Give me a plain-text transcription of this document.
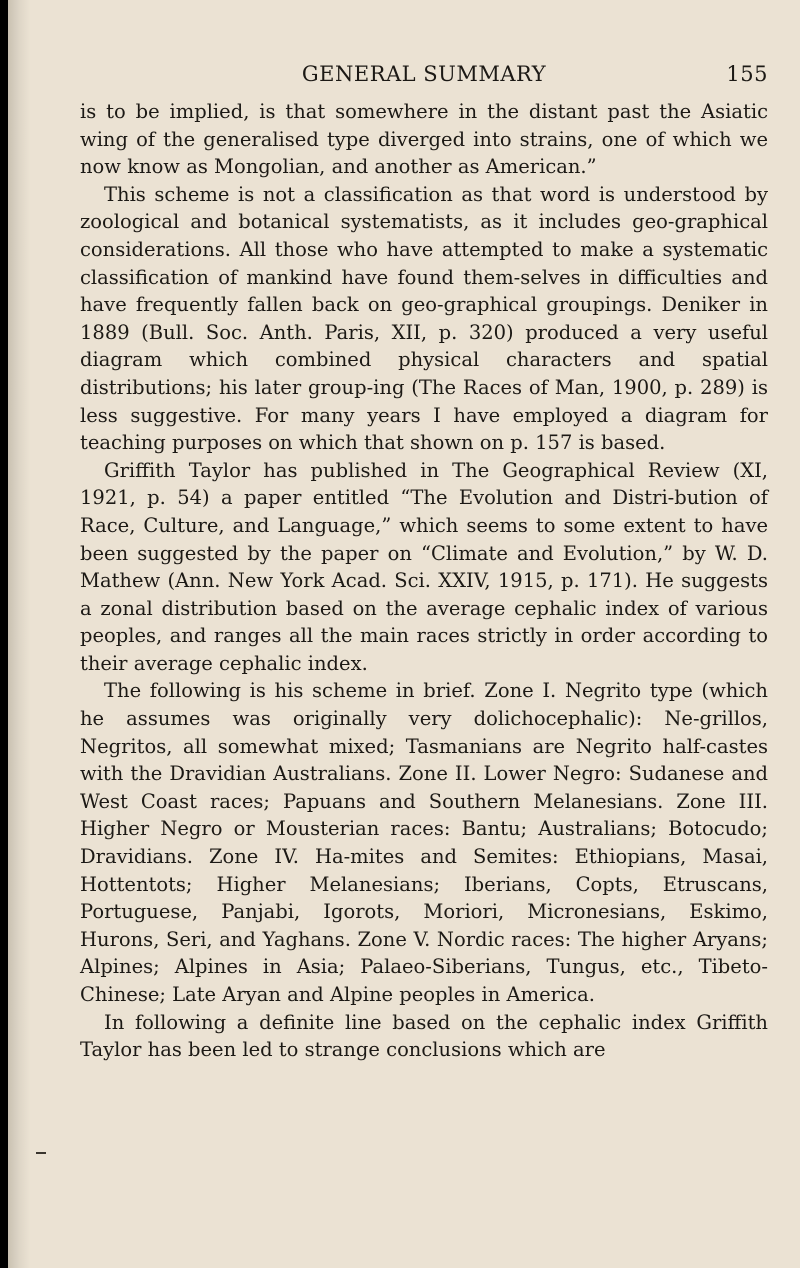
GENERAL SUMMARY	155

is to be implied, is that somewhere in the distant past the Asiatic wing of the generalised type diverged into strains, one of which we now know as Mongolian, and another as American.”

This scheme is not a classification as that word is understood by zoological and botanical systematists, as it includes geo-graphical considerations. All those who have attempted to make a systematic classification of mankind have found them-selves in difficulties and have frequently fallen back on geo-graphical groupings. Deniker in 1889 (Bull. Soc. Anth. Paris, XII, p. 320) produced a very useful diagram which combined physical characters and spatial distributions; his later group-ing (The Races of Man, 1900, p. 289) is less suggestive. For many years I have employed a diagram for teaching purposes on which that shown on p. 157 is based.

Griffith Taylor has published in The Geographical Review (XI, 1921, p. 54) a paper entitled “The Evolution and Distri-bution of Race, Culture, and Language,” which seems to some extent to have been suggested by the paper on “Climate and Evolution,” by W. D. Mathew (Ann. New York Acad. Sci. XXIV, 1915, p. 171). He suggests a zonal distribution based on the average cephalic index of various peoples, and ranges all the main races strictly in order according to their average cephalic index.

The following is his scheme in brief. Zone I. Negrito type (which he assumes was originally very dolichocephalic): Ne-grillos, Negritos, all somewhat mixed; Tasmanians are Negrito half-castes with the Dravidian Australians. Zone II. Lower Negro: Sudanese and West Coast races; Papuans and Southern Melanesians. Zone III. Higher Negro or Mousterian races: Bantu; Australians; Botocudo; Dravidians. Zone IV. Ha-mites and Semites: Ethiopians, Masai, Hottentots; Higher Melanesians; Iberians, Copts, Etruscans, Portuguese, Panjabi, Igorots, Moriori, Micronesians, Eskimo, Hurons, Seri, and Yaghans. Zone V. Nordic races: The higher Aryans; Alpines; Alpines in Asia; Palaeo-Siberians, Tungus, etc., Tibeto-Chinese; Late Aryan and Alpine peoples in America.

In following a definite line based on the cephalic index Griffith Taylor has been led to strange conclusions which are
